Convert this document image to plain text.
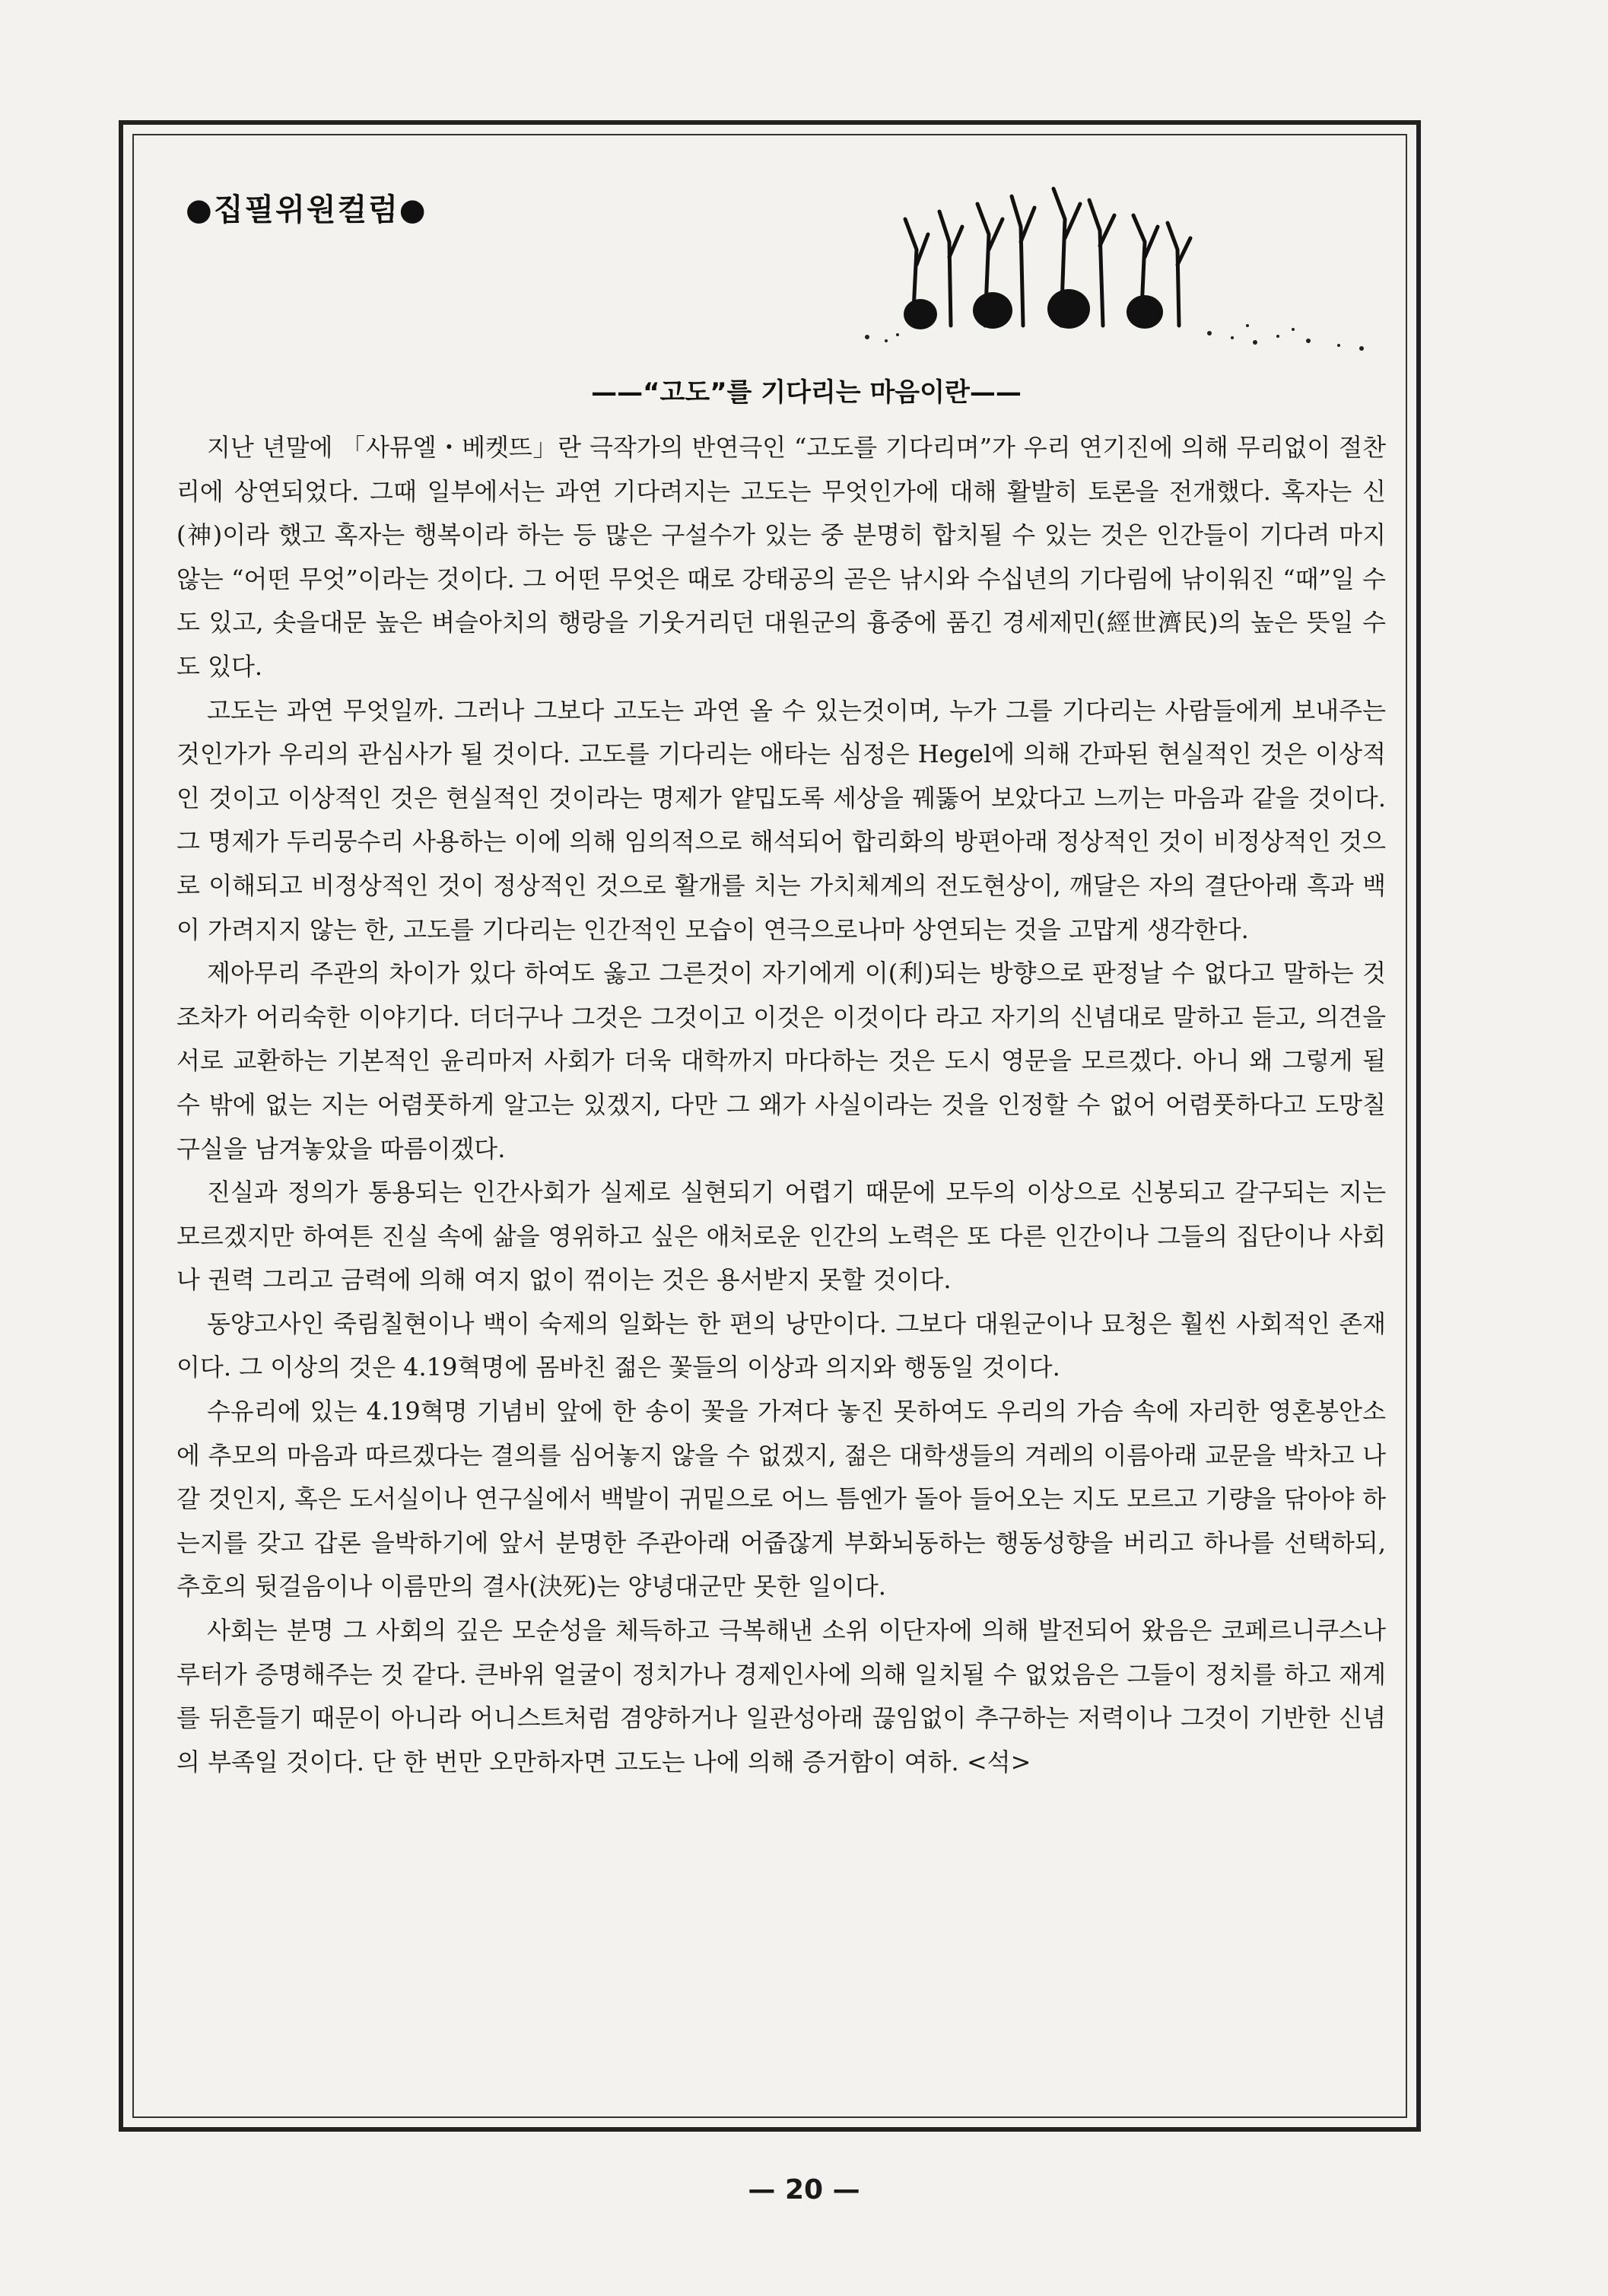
●집필위원컬럼●
——“고도”를 기다리는 마음이란——

지난 년말에 「사뮤엘・베켓뜨」란 극작가의 반연극인 “고도를 기다리며”가 우리 연기진에 의해 무리없이 절찬리에 상연되었다. 그때 일부에서는 과연 기다려지는 고도는 무엇인가에 대해 활발히 토론을 전개했다. 혹자는 신(神)이라 했고 혹자는 행복이라 하는 등 많은 구설수가 있는 중 분명히 합치될 수 있는 것은 인간들이 기다려 마지 않는 “어떤 무엇”이라는 것이다. 그 어떤 무엇은 때로 강태공의 곧은 낚시와 수십년의 기다림에 낚이워진 “때”일 수도 있고, 솟을대문 높은 벼슬아치의 행랑을 기웃거리던 대원군의 흉중에 품긴 경세제민(經世濟民)의 높은 뜻일 수도 있다.

고도는 과연 무엇일까. 그러나 그보다 고도는 과연 올 수 있는것이며, 누가 그를 기다리는 사람들에게 보내주는 것인가가 우리의 관심사가 될 것이다. 고도를 기다리는 애타는 심정은 Hegel에 의해 간파된 현실적인 것은 이상적인 것이고 이상적인 것은 현실적인 것이라는 명제가 얕밉도록 세상을 꿰뚫어 보았다고 느끼는 마음과 같을 것이다. 그 명제가 두리뭉수리 사용하는 이에 의해 임의적으로 해석되어 합리화의 방편아래 정상적인 것이 비정상적인 것으로 이해되고 비정상적인 것이 정상적인 것으로 활개를 치는 가치체계의 전도현상이, 깨달은 자의 결단아래 흑과 백이 가려지지 않는 한, 고도를 기다리는 인간적인 모습이 연극으로나마 상연되는 것을 고맙게 생각한다.

제아무리 주관의 차이가 있다 하여도 옳고 그른것이 자기에게 이(利)되는 방향으로 판정날 수 없다고 말하는 것 조차가 어리숙한 이야기다. 더더구나 그것은 그것이고 이것은 이것이다 라고 자기의 신념대로 말하고 듣고, 의견을 서로 교환하는 기본적인 윤리마저 사회가 더욱 대학까지 마다하는 것은 도시 영문을 모르겠다. 아니 왜 그렇게 될 수 밖에 없는 지는 어렴풋하게 알고는 있겠지, 다만 그 왜가 사실이라는 것을 인정할 수 없어 어렴풋하다고 도망칠 구실을 남겨놓았을 따름이겠다.

진실과 정의가 통용되는 인간사회가 실제로 실현되기 어렵기 때문에 모두의 이상으로 신봉되고 갈구되는 지는 모르겠지만 하여튼 진실 속에 삶을 영위하고 싶은 애처로운 인간의 노력은 또 다른 인간이나 그들의 집단이나 사회나 권력 그리고 금력에 의해 여지 없이 꺾이는 것은 용서받지 못할 것이다.

동양고사인 죽림칠현이나 백이 숙제의 일화는 한 편의 낭만이다. 그보다 대원군이나 묘청은 훨씬 사회적인 존재이다. 그 이상의 것은 4.19혁명에 몸바친 젊은 꽃들의 이상과 의지와 행동일 것이다.

수유리에 있는 4.19혁명 기념비 앞에 한 송이 꽃을 가져다 놓진 못하여도 우리의 가슴 속에 자리한 영혼봉안소에 추모의 마음과 따르겠다는 결의를 심어놓지 않을 수 없겠지, 젊은 대학생들의 겨레의 이름아래 교문을 박차고 나갈 것인지, 혹은 도서실이나 연구실에서 백발이 귀밑으로 어느 틈엔가 돌아 들어오는 지도 모르고 기량을 닦아야 하는지를 갖고 갑론 을박하기에 앞서 분명한 주관아래 어줍잖게 부화뇌동하는 행동성향을 버리고 하나를 선택하되, 추호의 뒷걸음이나 이름만의 결사(決死)는 양녕대군만 못한 일이다.

사회는 분명 그 사회의 깊은 모순성을 체득하고 극복해낸 소위 이단자에 의해 발전되어 왔음은 코페르니쿠스나 루터가 증명해주는 것 같다. 큰바위 얼굴이 정치가나 경제인사에 의해 일치될 수 없었음은 그들이 정치를 하고 재계를 뒤흔들기 때문이 아니라 어니스트처럼 겸양하거나 일관성아래 끊임없이 추구하는 저력이나 그것이 기반한 신념의 부족일 것이다. 단 한 번만 오만하자면 고도는 나에 의해 증거함이 여하. <석>

— 20 —
